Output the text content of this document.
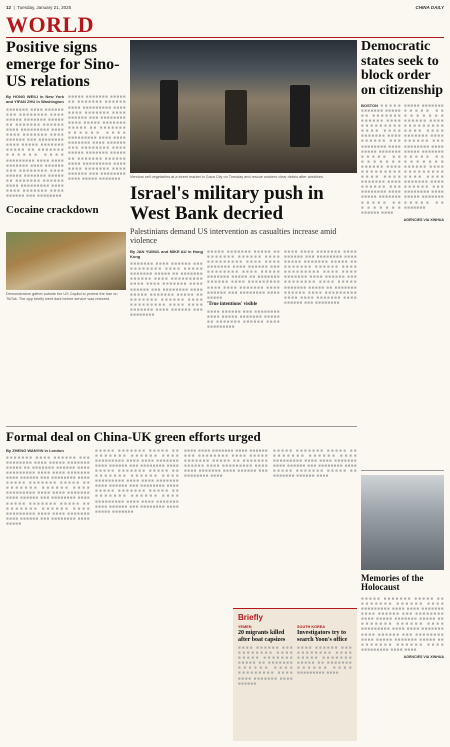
12  |  Tuesday, January 21, 2025	CHINA DAILY
WORLD
Positive signs emerge for Sino-US relations
By HONG WEILI in New York and YIFAN ZHU in Washington
■■■■■■■ ■■■■ ■■■■■■ ■■■ ■■■■■■■■ ■■■■ ■■■■■ ■■■■■■■ ■■■■■ ■■ ■■■■■■■ ■■■■■■ ■■■■ ■■■■■■■■■ ■■■■ ■■■■ ■■■■■■■ ■■■■ ■■■■■■ ■■■ ■■■■■■■■ ■■■■ ■■■■■ ■■■■■■■ ■■■■■ ■■ ■■■■■■■ ■■■■■■ ■■■■ ■■■■■■■■■ ■■■■ ■■■■ ■■■■■■■ ■■■■ ■■■■■■ ■■■ ■■■■■■■■ ■■■■ ■■■■■ ■■■■■■■ ■■■■■ ■■ ■■■■■■■ ■■■■■■ ■■■■ ■■■■■■■■■ ■■■■ ■■■■ ■■■■■■■ ■■■■ ■■■■■■ ■■■ ■■■■■■■■
■■■■■ ■■■■■■■ ■■■■■ ■■ ■■■■■■■ ■■■■■■ ■■■■ ■■■■■■■■■ ■■■■ ■■■■ ■■■■■■■ ■■■■ ■■■■■■ ■■■ ■■■■■■■■ ■■■■ ■■■■■ ■■■■■■■ ■■■■■ ■■ ■■■■■■■ ■■■■■■ ■■■■ ■■■■■■■■■ ■■■■ ■■■■ ■■■■■■■ ■■■■ ■■■■■■ ■■■ ■■■■■■■■ ■■■■ ■■■■■ ■■■■■■■ ■■■■■ ■■ ■■■■■■■ ■■■■■■ ■■■■ ■■■■■■■■■ ■■■■ ■■■■ ■■■■■■■ ■■■■ ■■■■■■ ■■■ ■■■■■■■■ ■■■■ ■■■■■ ■■■■■■■
Cocaine crackdown
Demonstrators gather outside the US Capitol to protest the ban on TikTok. The app briefly went dark before service was restored.
Vendors sell vegetables at a street market in Gaza City on Tuesday and rescue workers clear debris after airstrikes.
Israel's military push in West Bank decried
Palestinians demand US intervention as casualties increase amid violence
By JAN YUMUL and MIKE AU in Hong Kong
■■■■■■■ ■■■■ ■■■■■■ ■■■ ■■■■■■■■ ■■■■ ■■■■■ ■■■■■■■ ■■■■■ ■■ ■■■■■■■ ■■■■■■ ■■■■ ■■■■■■■■■ ■■■■ ■■■■ ■■■■■■■ ■■■■ ■■■■■■ ■■■ ■■■■■■■■ ■■■■ ■■■■■ ■■■■■■■ ■■■■■ ■■ ■■■■■■■ ■■■■■■ ■■■■ ■■■■■■■■■ ■■■■ ■■■■ ■■■■■■■ ■■■■ ■■■■■■ ■■■ ■■■■■■■■
■■■■■ ■■■■■■■ ■■■■■ ■■ ■■■■■■■ ■■■■■■ ■■■■ ■■■■■■■■■ ■■■■ ■■■■ ■■■■■■■ ■■■■ ■■■■■■ ■■■ ■■■■■■■■ ■■■■ ■■■■■ ■■■■■■■ ■■■■■ ■■ ■■■■■■■ ■■■■■■ ■■■■ ■■■■■■■■■ ■■■■ ■■■■ ■■■■■■■ ■■■■ ■■■■■■ ■■■ ■■■■■■■■ ■■■■ ■■■■■
'True intentions' visible
■■■■ ■■■■■■ ■■■ ■■■■■■■■ ■■■■ ■■■■■ ■■■■■■■ ■■■■■ ■■ ■■■■■■■ ■■■■■■ ■■■■ ■■■■■■■■■
■■■■ ■■■■ ■■■■■■■ ■■■■ ■■■■■■ ■■■ ■■■■■■■■ ■■■■ ■■■■■ ■■■■■■■ ■■■■■ ■■ ■■■■■■■ ■■■■■■ ■■■■ ■■■■■■■■■ ■■■■ ■■■■ ■■■■■■■ ■■■■ ■■■■■■ ■■■ ■■■■■■■■ ■■■■ ■■■■■ ■■■■■■■ ■■■■■ ■■ ■■■■■■■ ■■■■■■ ■■■■ ■■■■■■■■■ ■■■■ ■■■■ ■■■■■■■ ■■■■ ■■■■■■ ■■■ ■■■■■■■■
Democratic states seek to block order on citizenship
BOSTON ■■■■■ ■■■■■■■ ■■■■■ ■■ ■■■■■■■ ■■■■■■ ■■■■ ■■■■■■■■■ ■■■■ ■■■■ ■■■■■■■ ■■■■ ■■■■■■ ■■■ ■■■■■■■■ ■■■■ ■■■■■ ■■■■■■■ ■■■■■ ■■ ■■■■■■■ ■■■■■■ ■■■■ ■■■■■■■■■ ■■■■ ■■■■ ■■■■■■■ ■■■■ ■■■■■■ ■■■ ■■■■■■■■ ■■■■ ■■■■■ ■■■■■■■ ■■■■■ ■■ ■■■■■■■ ■■■■■■ ■■■■
■■■■■ ■■■■■■■ ■■■■■ ■■ ■■■■■■■ ■■■■■■ ■■■■ ■■■■■■■■■ ■■■■ ■■■■ ■■■■■■■ ■■■■ ■■■■■■ ■■■ ■■■■■■■■ ■■■■ ■■■■■ ■■■■■■■ ■■■■■ ■■ ■■■■■■■ ■■■■■■ ■■■■ ■■■■■■■■■ ■■■■ ■■■■ ■■■■■■■ ■■■■ ■■■■■■ ■■■ ■■■■■■■■ ■■■■ ■■■■■ ■■■■■■■ ■■■■■ ■■ ■■■■■■■
AGENCIES VIA XINHUA
Formal deal on China-UK green efforts urged
By ZHENG WANYIN in London
■■■■■■■ ■■■■ ■■■■■■ ■■■ ■■■■■■■■ ■■■■ ■■■■■ ■■■■■■■ ■■■■■ ■■ ■■■■■■■ ■■■■■■ ■■■■ ■■■■■■■■■ ■■■■ ■■■■ ■■■■■■■ ■■■■ ■■■■■■ ■■■ ■■■■■■■■ ■■■■ ■■■■■ ■■■■■■■ ■■■■■ ■■ ■■■■■■■ ■■■■■■ ■■■■ ■■■■■■■■■ ■■■■ ■■■■ ■■■■■■■ ■■■■ ■■■■■■ ■■■ ■■■■■■■■ ■■■■ ■■■■■ ■■■■■■■ ■■■■■ ■■ ■■■■■■■ ■■■■■■ ■■■■ ■■■■■■■■■ ■■■■ ■■■■ ■■■■■■■ ■■■■ ■■■■■■ ■■■ ■■■■■■■■ ■■■■ ■■■■■
■■■■■ ■■■■■■■ ■■■■■ ■■ ■■■■■■■ ■■■■■■ ■■■■ ■■■■■■■■■ ■■■■ ■■■■ ■■■■■■■ ■■■■ ■■■■■■ ■■■ ■■■■■■■■ ■■■■ ■■■■■ ■■■■■■■ ■■■■■ ■■ ■■■■■■■ ■■■■■■ ■■■■ ■■■■■■■■■ ■■■■ ■■■■ ■■■■■■■ ■■■■ ■■■■■■ ■■■ ■■■■■■■■ ■■■■ ■■■■■ ■■■■■■■ ■■■■■ ■■ ■■■■■■■ ■■■■■■ ■■■■ ■■■■■■■■■ ■■■■ ■■■■ ■■■■■■■ ■■■■ ■■■■■■ ■■■ ■■■■■■■■ ■■■■ ■■■■■ ■■■■■■■
■■■■ ■■■■ ■■■■■■■ ■■■■ ■■■■■■ ■■■ ■■■■■■■■ ■■■■ ■■■■■ ■■■■■■■ ■■■■■ ■■ ■■■■■■■ ■■■■■■ ■■■■ ■■■■■■■■■ ■■■■ ■■■■ ■■■■■■■ ■■■■ ■■■■■■ ■■■ ■■■■■■■■ ■■■■
■■■■■ ■■■■■■■ ■■■■■ ■■ ■■■■■■■ ■■■■■■ ■■■■ ■■■■■■■■■ ■■■■ ■■■■ ■■■■■■■ ■■■■ ■■■■■■ ■■■ ■■■■■■■■ ■■■■ ■■■■■ ■■■■■■■ ■■■■■ ■■ ■■■■■■■ ■■■■■■ ■■■■
Briefly
YEMEN
20 migrants killed after boat capsizes
■■■■ ■■■■■■ ■■■ ■■■■■■■■ ■■■■ ■■■■■ ■■■■■■■ ■■■■■ ■■ ■■■■■■■ ■■■■■■ ■■■■ ■■■■■■■■■ ■■■■ ■■■■ ■■■■■■■ ■■■■ ■■■■■■
SOUTH KOREA
Investigators try to search Yoon's office
■■■■ ■■■■■■ ■■■ ■■■■■■■■ ■■■■ ■■■■■ ■■■■■■■ ■■■■■ ■■ ■■■■■■■ ■■■■■■ ■■■■ ■■■■■■■■■ ■■■■
Memories of the Holocaust
■■■■■ ■■■■■■■ ■■■■■ ■■ ■■■■■■■ ■■■■■■ ■■■■ ■■■■■■■■■ ■■■■ ■■■■ ■■■■■■■ ■■■■ ■■■■■■ ■■■ ■■■■■■■■ ■■■■ ■■■■■ ■■■■■■■ ■■■■■ ■■ ■■■■■■■ ■■■■■■ ■■■■ ■■■■■■■■■ ■■■■ ■■■■ ■■■■■■■ ■■■■ ■■■■■■ ■■■ ■■■■■■■■ ■■■■ ■■■■■ ■■■■■■■ ■■■■■ ■■ ■■■■■■■ ■■■■■■ ■■■■ ■■■■■■■■■ ■■■■ ■■■■
AGENCIES VIA XINHUA
